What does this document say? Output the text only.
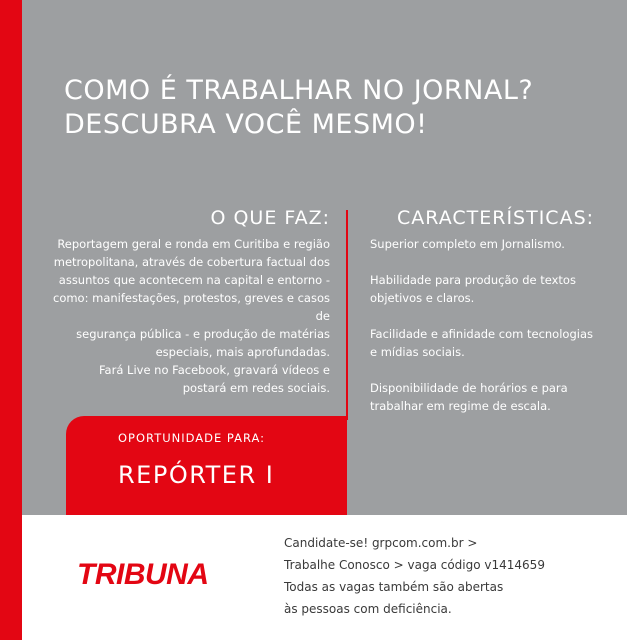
COMO É TRABALHAR NO JORNAL?
DESCUBRA VOCÊ MESMO!
O QUE FAZ:

Reportagem geral e ronda em Curitiba e região
metropolitana, através de cobertura factual dos
assuntos que acontecem na capital e entorno -
como: manifestações, protestos, greves e casos de
segurança pública - e produção de matérias
especiais, mais aprofundadas.
Fará Live no Facebook, gravará vídeos e
postará em redes sociais.

CARACTERÍSTICAS:
Superior completo em Jornalismo.
Habilidade para produção de textos
objetivos e claros.
Facilidade e afinidade com tecnologias
e mídias sociais.
Disponibilidade de horários e para
trabalhar em regime de escala.
OPORTUNIDADE PARA:
REPÓRTER I
TRIBUNA
Candidate-se! grpcom.com.br >
Trabalhe Conosco > vaga código v1414659
Todas as vagas também são abertas
às pessoas com deficiência.
